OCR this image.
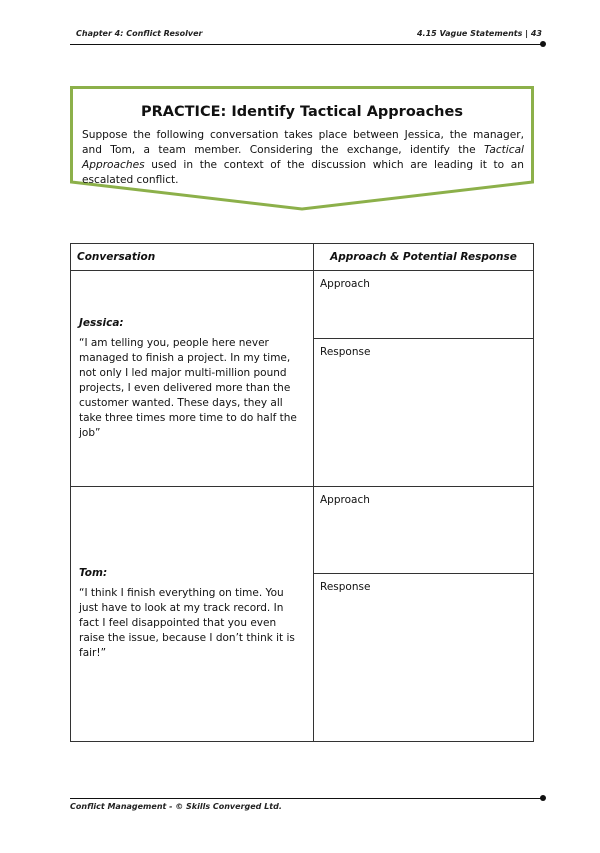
Chapter 4: Conflict Resolver	4.15 Vague Statements | 43
PRACTICE: Identify Tactical Approaches
Suppose the following conversation takes place between Jessica, the manager, and Tom, a team member. Considering the exchange, identify the Tactical Approaches used in the context of the discussion which are leading it to an escalated conflict.
Conversation	Approach & Potential Response

Jessica:
“I am telling you, people here never managed to finish a project. In my time, not only I led major multi-million pound projects, I even delivered more than the customer wanted. These days, they all take three times more time to do half the job”	Approach
	Response

Tom:
“I think I finish everything on time. You just have to look at my track record. In fact I feel disappointed that you even raise the issue, because I don’t think it is fair!”	Approach
	Response
Conflict Management - © Skills Converged Ltd.
